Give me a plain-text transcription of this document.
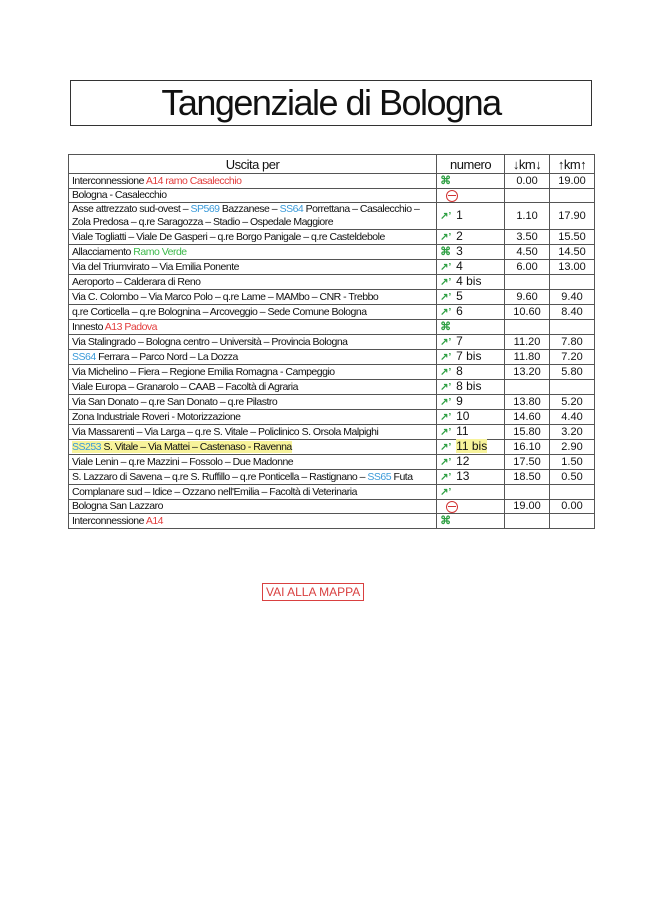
Tangenziale di Bologna
Uscita per	numero	↓km↓	↑km↑
Interconnessione A14 ramo Casalecchio	⌘	0.00	19.00
Bologna - Casalecchio			
Asse attrezzato sud-ovest – SP569 Bazzanese – SS64 Porrettana – Casalecchio – Zola Predosa – q.re Saragozza – Stadio – Ospedale Maggiore	↗’ 1	1.10	17.90
Viale Togliatti – Viale De Gasperi – q.re Borgo Panigale – q.re Casteldebole	↗’ 2	3.50	15.50
Allacciamento Ramo Verde	⌘ 3	4.50	14.50
Via del Triumvirato – Via Emilia Ponente	↗’ 4	6.00	13.00
Aeroporto – Calderara di Reno	↗’ 4 bis		
Via C. Colombo – Via Marco Polo – q.re Lame – MAMbo – CNR - Trebbo	↗’ 5	9.60	9.40
q.re Corticella – q.re Bolognina – Arcoveggio – Sede Comune Bologna	↗’ 6	10.60	8.40
Innesto A13 Padova	⌘		
Via Stalingrado – Bologna centro – Università – Provincia Bologna	↗’ 7	11.20	7.80
SS64 Ferrara – Parco Nord – La Dozza	↗’ 7 bis	11.80	7.20
Via Michelino – Fiera – Regione Emilia Romagna - Campeggio	↗’ 8	13.20	5.80
Viale Europa – Granarolo – CAAB – Facoltà di Agraria	↗’ 8 bis		
Via San Donato – q.re San Donato – q.re Pilastro	↗’ 9	13.80	5.20
Zona Industriale Roveri - Motorizzazione	↗’ 10	14.60	4.40
Via Massarenti – Via Larga – q.re S. Vitale – Policlinico S. Orsola Malpighi	↗’ 11	15.80	3.20
SS253 S. Vitale – Via Mattei – Castenaso - Ravenna	↗’ 11 bis	16.10	2.90
Viale Lenin – q.re Mazzini – Fossolo – Due Madonne	↗’ 12	17.50	1.50
S. Lazzaro di Savena – q.re S. Ruffillo – q.re Ponticella – Rastignano – SS65 Futa	↗’ 13	18.50	0.50
Complanare sud – Idice – Ozzano nell'Emilia – Facoltà di Veterinaria	↗’		
Bologna San Lazzaro		19.00	0.00
Interconnessione A14	⌘		
VAI ALLA MAPPA
